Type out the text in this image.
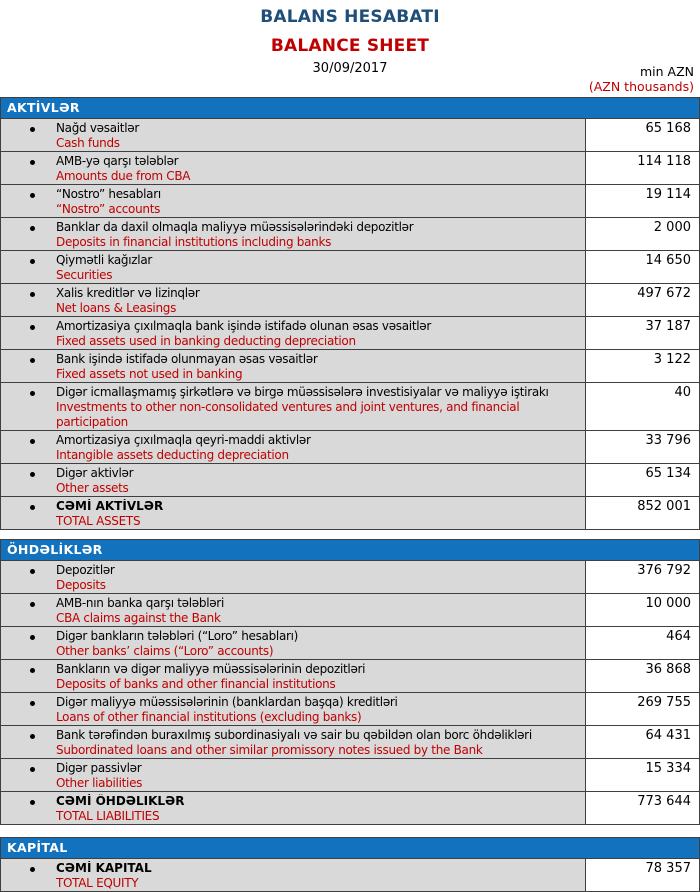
BALANS HESABATI
BALANCE SHEET
30/09/2017	min AZN
(AZN thousands)
AKTİVLƏR
Nağd vəsaitlər
Cash funds
65 168
AMB-yə qarşı tələblər
Amounts due from CBA
114 118
“Nostro” hesabları
“Nostro” accounts
19 114
Banklar da daxil olmaqla maliyyə müəssisələrindəki depozitlər
Deposits in financial institutions including banks
2 000
Qiymətli kağızlar
Securities
14 650
Xalis kreditlər və lizinqlər
Net loans & Leasings
497 672
Amortizasiya çıxılmaqla bank işində istifadə olunan əsas vəsaitlər
Fixed assets used in banking deducting depreciation
37 187
Bank işində istifadə olunmayan əsas vəsaitlər
Fixed assets not used in banking
3 122
Digər icmallaşmamış şirkətlərə və birgə müəssisələrə investisiyalar və maliyyə iştirakı
Investments to other non-consolidated ventures and joint ventures, and financial participation
40
Amortizasiya çıxılmaqla qeyri-maddi aktivlər
Intangible assets deducting depreciation
33 796
Digər aktivlər
Other assets
65 134
CƏMİ AKTİVLƏR
TOTAL ASSETS
852 001
ÖHDƏLİKLƏR
Depozitlər
Deposits
376 792
AMB-nın banka qarşı tələbləri
CBA claims against the Bank
10 000
Digər bankların tələbləri (“Loro” hesabları)
Other banks’ claims (“Loro” accounts)
464
Bankların və digər maliyyə müəssisələrinin depozitləri
Deposits of banks and other financial institutions
36 868
Digər maliyyə müəssisələrinin (banklardan başqa) kreditləri
Loans of other financial institutions (excluding banks)
269 755
Bank tərəfindən buraxılmış subordinasiyalı və sair bu qəbildən olan borc öhdəlikləri
Subordinated loans and other similar promissory notes issued by the Bank
64 431
Digər passivlər
Other liabilities
15 334
CƏMİ ÖHDƏLIKLƏR
TOTAL LIABILITIES
773 644
KAPİTAL
CƏMİ KAPITAL
TOTAL EQUITY
78 357
